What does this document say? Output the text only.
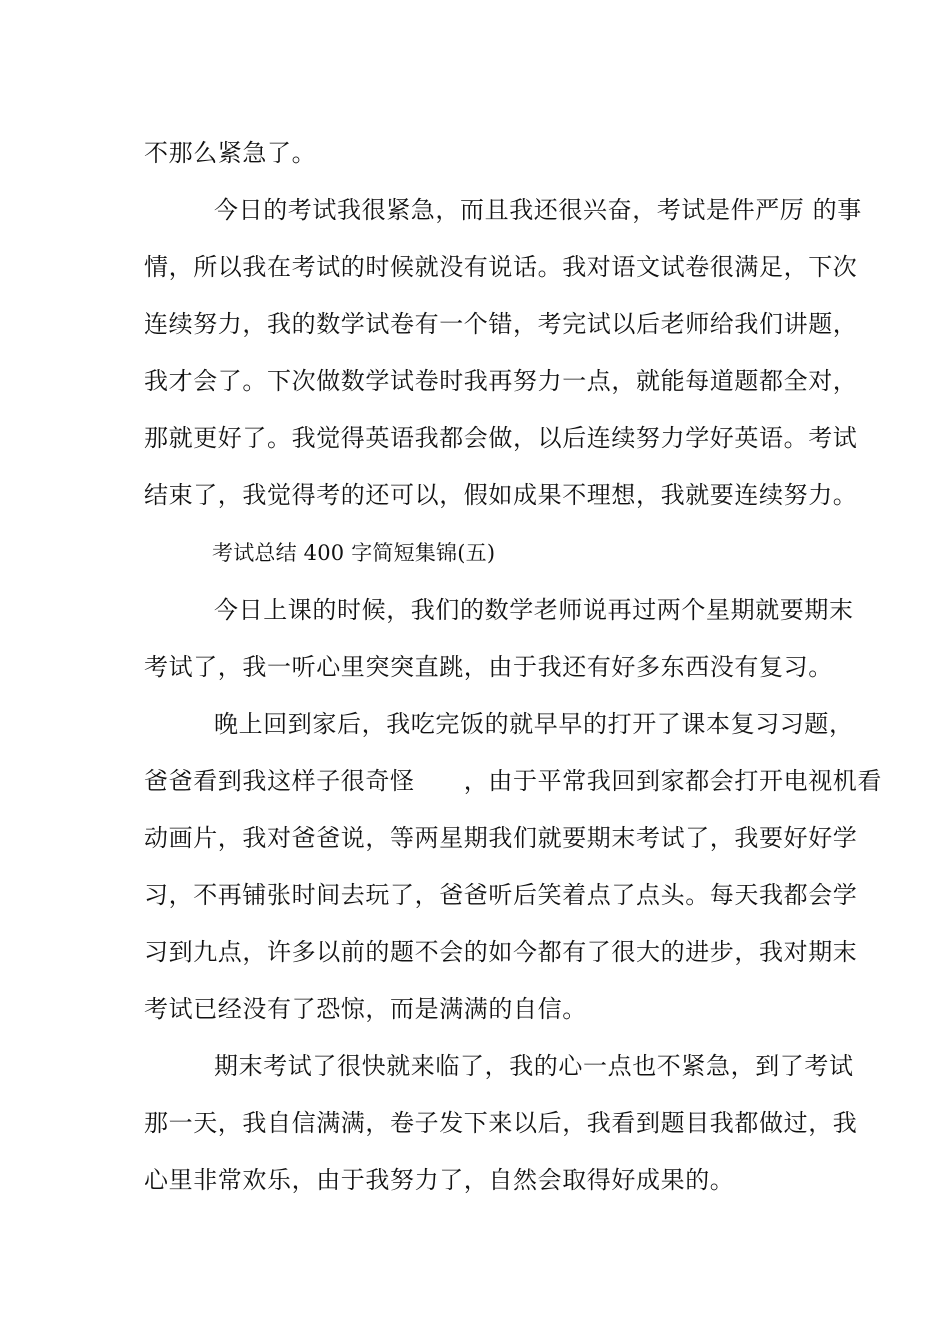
不那么紧急了。
今日的考试我很紧急，而且我还很兴奋，考试是件严厉 的事
情，所以我在考试的时候就没有说话。我对语文试卷很满足，下次
连续努力，我的数学试卷有一个错，考完试以后老师给我们讲题，
我才会了。下次做数学试卷时我再努力一点，就能每道题都全对，
那就更好了。我觉得英语我都会做，以后连续努力学好英语。考试
结束了，我觉得考的还可以，假如成果不理想，我就要连续努力。
考试总结 400 字简短集锦(五)
今日上课的时候，我们的数学老师说再过两个星期就要期末
考试了，我一听心里突突直跳，由于我还有好多东西没有复习。
晚上回到家后，我吃完饭的就早早的打开了课本复习习题，
爸爸看到我这样子很奇怪　　，由于平常我回到家都会打开电视机看
动画片，我对爸爸说，等两星期我们就要期末考试了，我要好好学
习，不再铺张时间去玩了，爸爸听后笑着点了点头。每天我都会学
习到九点，许多以前的题不会的如今都有了很大的进步，我对期末
考试已经没有了恐惊，而是满满的自信。
期末考试了很快就来临了，我的心一点也不紧急，到了考试
那一天，我自信满满，卷子发下来以后，我看到题目我都做过，我
心里非常欢乐，由于我努力了，自然会取得好成果的。
